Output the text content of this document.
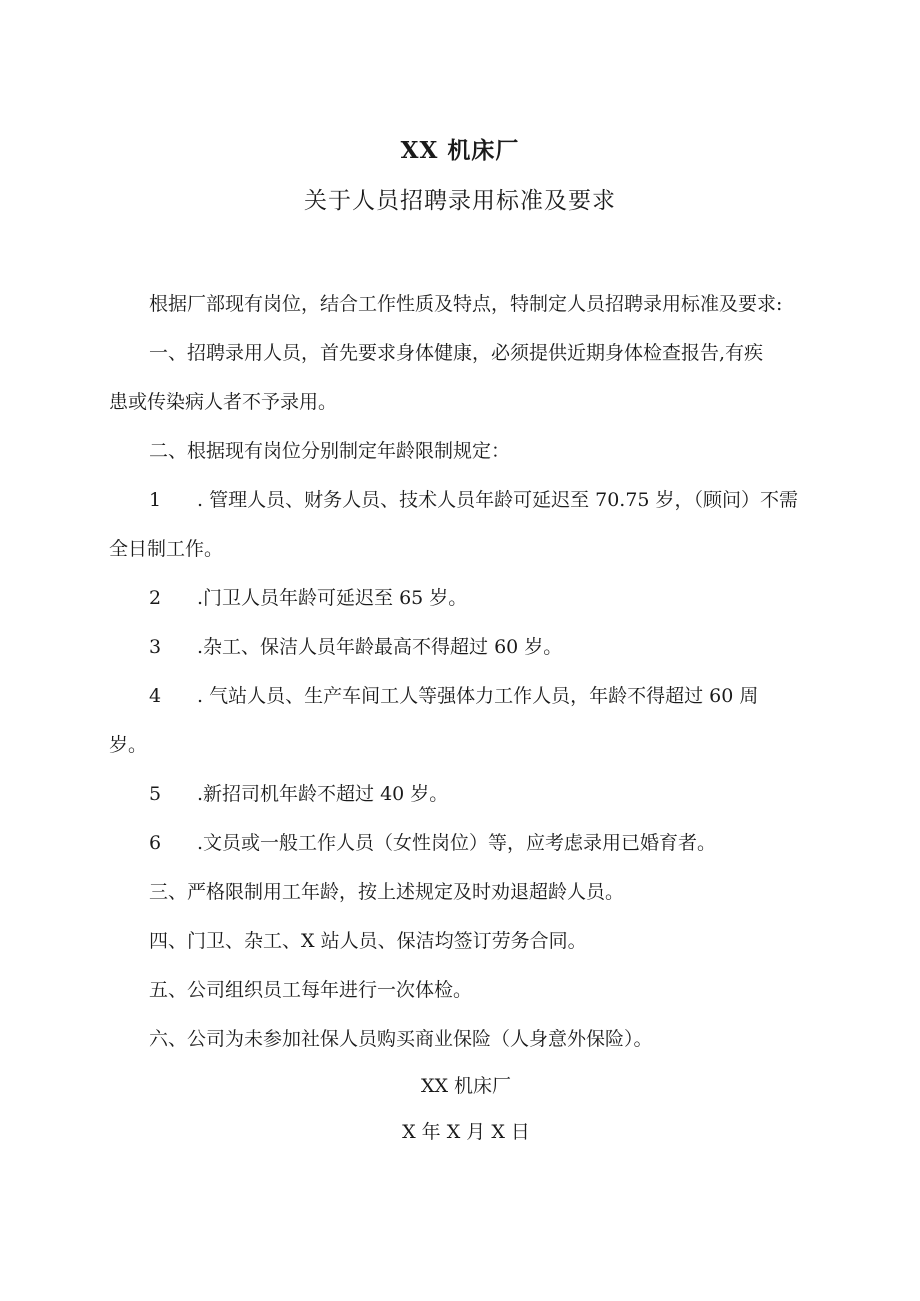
XX 机床厂
关于人员招聘录用标准及要求

根据厂部现有岗位，结合工作性质及特点，特制定人员招聘录用标准及要求:

一、招聘录用人员，首先要求身体健康，必须提供近期身体检查报告,有疾

患或传染病人者不予录用。

二、根据现有岗位分别制定年龄限制规定：

1 . 管理人员、财务人员、技术人员年龄可延迟至 70.75 岁，（顾问）不需

全日制工作。

2 .门卫人员年龄可延迟至 65 岁。
3 .杂工、保洁人员年龄最高不得超过 60 岁。
4 . 气站人员、生产车间工人等强体力工作人员，年龄不得超过 60 周

岁。

5 .新招司机年龄不超过 40 岁。
6 .文员或一般工作人员（女性岗位）等，应考虑录用已婚育者。

三、严格限制用工年龄，按上述规定及时劝退超龄人员。

四、门卫、杂工、X 站人员、保洁均签订劳务合同。

五、公司组织员工每年进行一次体检。

六、公司为未参加社保人员购买商业保险（人身意外保险）。

XX 机床厂
X 年 X 月 X 日
